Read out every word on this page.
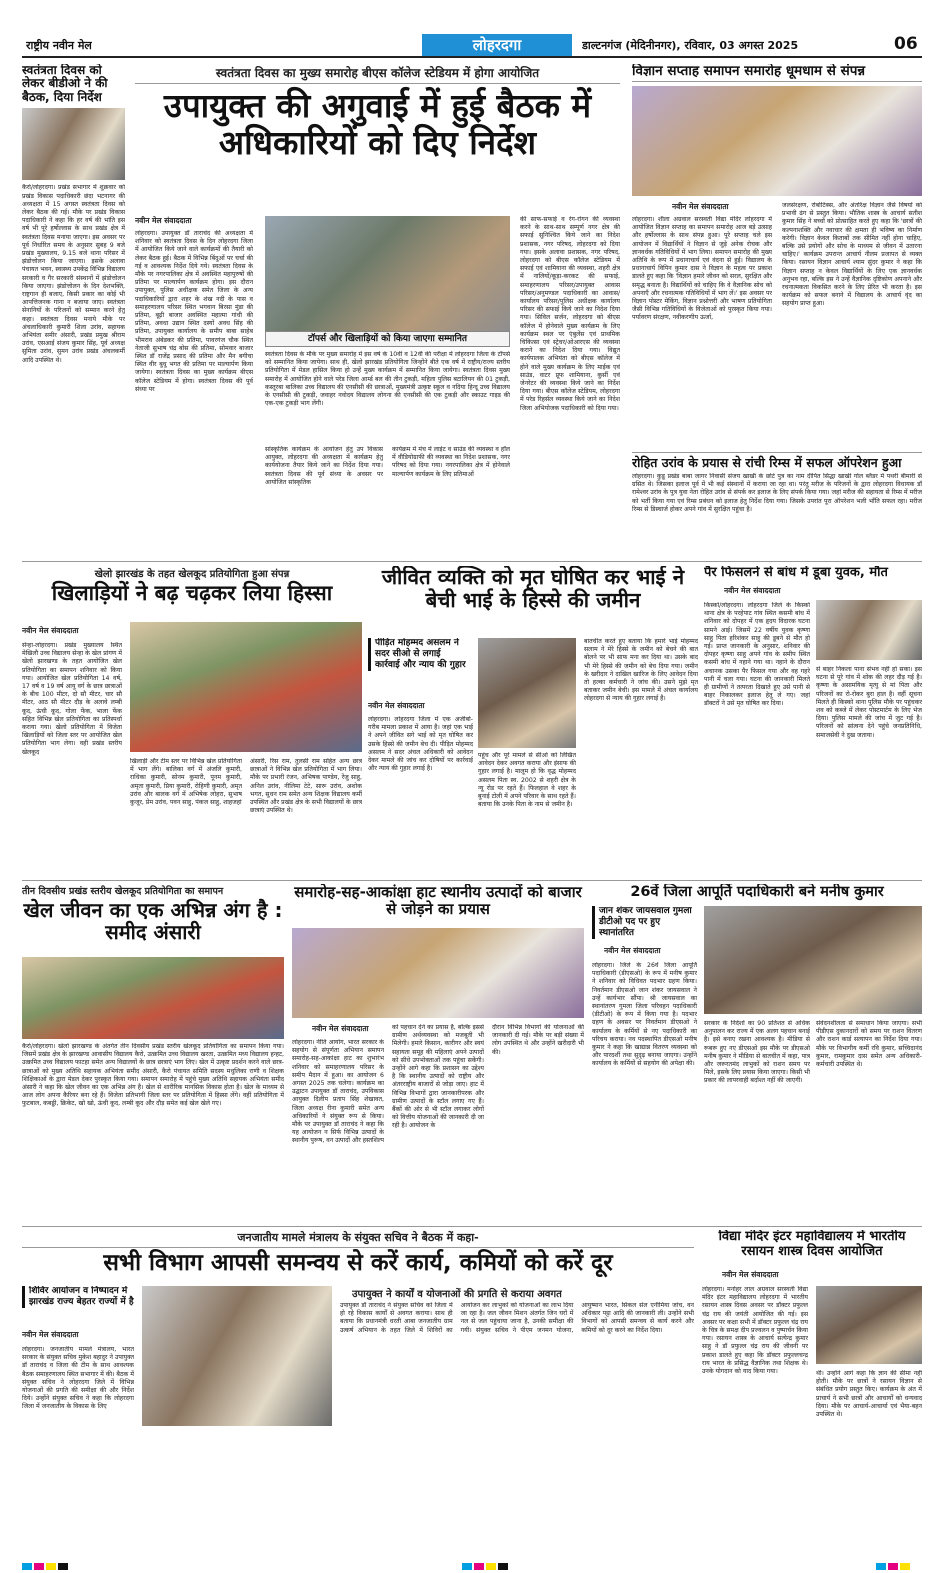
राष्ट्रीय नवीन मेल	लोहरदगा	डाल्टनगंज (मेदिनीनगर), रविवार, 03 अगस्त 2025	06
स्वतंत्रता दिवस को लेकर बीडीओ ने की बैठक, दिया निर्देश
कैरो/लोहरदगा। प्रखंड सभागार में शुक्रवार को प्रखंड विकास पदाधिकारी छंदा भटनागर की अध्यक्षता में 15 अगस्त स्वतंत्रता दिवस को लेकर बैठक की गई। मौके पर प्रखंड विकास पदाधिकारी ने कहा कि हर वर्ष की भांति इस वर्ष भी पूरे हर्षोल्लास के साथ प्रखंड क्षेत्र में स्वतंत्रता दिवस मनाया जाएगा। इस अवसर पर पूर्व निर्धारित समय के अनुसार सुबह 9 बजे प्रखंड मुख्यालय, 9.15 बजे थाना परिसर में झंडोत्तोलन किया जाएगा। इसके अलावा पंचायत भवन, स्वास्थ्य उपकेंद्र विभिन्न विद्यालय सरकारी व गैर सरकारी संस्थानों में झंडोत्तोलन किया जाएगा। झंडोत्तोलन के दिन देशभक्ति, राष्ट्रगान ही बजाए, किसी प्रकार का कोई भी आपत्तिजनक गाना न बजाया जाए। स्वतंत्रता सेनानियों के परिजनों को सम्मान करने हेतु कहा। स्वतंत्रता दिवस मनाये मौके पर अंचलाधिकारी कुमारी शिला उरांव, सहायक अभियंता समीर अंसारी, प्रखंड प्रमुख श्रीराम उरांव, एसआई संजय कुमार सिंह, पूर्व अध्यक्ष सुमिता उरांव, सुमन उरांव प्रखंड अंचलकर्मी आदि उपस्थित थे।
स्वतंत्रता दिवस का मुख्य समारोह बीएस कॉलेज स्टेडियम में होगा आयोजित
उपायुक्त की अगुवाई में हुई बैठक में अधिकारियों को दिए निर्देश
नवीन मेल संवाददाता
लोहरदगा। उपायुक्त डॉ ताराचंद की अध्यक्षता में शनिवार को स्वतंत्रता दिवस के दिन लोहरदगा जिला में आयोजित किये जाने वाले कार्यक्रमों की तैयारी को लेकर बैठक हुई। बैठक में विभिन्न बिंदुओं पर चर्चा की गई व आवश्यक निर्देश दिये गये। स्वतंत्रता दिवस के मौके पर नगरपालिका क्षेत्र में अवस्थित महापुरुषों की प्रतिमा पर माल्यार्पण कार्यक्रम होगा। इस दौरान उपायुक्त, पुलिस अधीक्षक समेत जिला के अन्य पदाधिकारियों द्वारा शहर के शंख नदी के पास व समाहरणालय परिसर स्थित भगवान बिरसा मुंडा की प्रतिमा, बूढ़ी बाजार अवस्थित महात्मा गांधी की प्रतिमा, अवधा उद्यान स्थित दस्यों अवध सिंह की प्रतिमा, उपायुक्त कार्यालय के समीप बाबा साहेब भीमराव अंबेडकर की प्रतिमा, पावरगंज चौक स्थित नेताजी सुभाष चंद्र बोस की प्रतिमा, सोमवार बाजार स्थित डॉ राजेंद्र प्रसाद की प्रतिमा और मैन बगीचा स्थित वीर बुधु भगत की प्रतिमा पर माल्यार्पण किया जायेगा। स्वतंत्रता दिवस का मुख्य कार्यक्रम बीएस कॉलेज स्टेडियम में होगा। स्वतंत्रता दिवस की पूर्व संध्या पर
टॉपर्स और खिलाड़ियों को किया जाएगा सम्मानित
स्वतंत्रता दिवस के मौके पर मुख्य समारोह में इस वर्ष के 10वीं व 12वीं की परीक्षा में लोहरदगा जिला के टॉपर्स को सम्मानित किया जायेगा। साथ ही, खेलो झारखंड प्रतियोगिता जिन्होंने बीते एक वर्ष में राष्ट्रीय/राज्य स्तरीय प्रतियोगिता में मेडल हासिल किया हो उन्हें मुख्य कार्यक्रम में सम्मानित किया जायेगा। स्वतंत्रता दिवस मुख्य समारोह में आयोजित होने वाले परेड जिला आर्म्ड बल की तीन टुकड़ी, महिला पुलिस बटालियन की 01 टुकड़ी, कस्तूरबा बालिका उच्च विद्यालय की एनसीसी की छात्राओं, मुख्यमंत्री उत्कृष्ट स्कूल व नदिया हिन्दू उच्च विद्यालय के एनसीसी की टुकड़ी, जवाहर नवोदय विद्यालय लोगना की एनसीसी की एक टुकड़ी और स्काउट गाइड की एक-एक टुकड़ी भाग लेंगी।
सांस्कृतिक कार्यक्रम के आयोजन हेतु उप विकास आयुक्त, लोहरदगा की अध्यक्षता में कार्यक्रम हेतु कार्ययोजना तैयार किये जाने का निर्देश दिया गया। स्वतंत्रता दिवस की पूर्व संध्या के अवसर पर आयोजित सांस्कृतिक
कार्यक्रम में मंच में लाईट व साउंड की व्यवस्था व हॉल में वीडियोग्राफी की व्यवस्था का निदेश प्रशासक, नगर परिषद को दिया गया। नगरपालिका क्षेत्र में होनेवाले माल्यार्पण कार्यक्रम के लिए प्रतिमाओं
की साफ-सफाई व रंग-रोगन की व्यवस्था करने के साथ-साथ सम्पूर्ण नगर क्षेत्र की सफाई सुनिश्चित किये जाने का निदेश प्रशासक, नगर परिषद, लोहरदगा को दिया गया। इसके अलावा प्रशासक, नगर परिषद, लोहरदगा को बीएस कॉलेज स्टेडियम में सफाई एवं शामियाना की व्यवस्था, शहरी क्षेत्र में नालियों/कूड़ा-करकट की सफाई, समाहरणालय परिसर/उपायुक्त आवास परिसर/अनुमण्डल पदाधिकारी का आवास/कार्यालय परिसर/पुलिस अधीक्षक कार्यालय परिसर की सफाई किये जाने का निदेश दिया गया। सिविल सर्जन, लोहरदगा को बीएस कॉलेज में होनेवाले मुख्य कार्यक्रम के लिए कार्यक्रम स्थल पर एंबुलेंस एवं प्राथमिक चिकित्सा एवं स्ट्रेचर/ओआरएस की व्यवस्था कराने का निदेश दिया गया। विद्युत कार्यपालक अभियंता को बीएस कॉलेज में होने वाले मुख्य कार्यक्रम के लिए माईक एवं साउंड, वाटर प्रूफ शामियाना, कुर्सी एवं जेनरेटर की व्यवस्था किये जाने का निर्देश दिया गया। बीएस कॉलेज स्टेडियम, लोहरदगा में परेड रिहर्सल व्यवस्था किये जाने का निदेश जिला अभियोजक पदाधिकारी को दिया गया।
विज्ञान सप्ताह समापन समारोह धूमधाम से संपन्न
नवीन मेल संवाददाता
लोहरदगा। शीला अग्रवाल सरस्वती विद्या मंदिर लोहरदगा में आयोजित विज्ञान सप्ताह का समापन समारोह आज बड़े उत्साह और हर्षोल्लास के साथ संपन्न हुआ। पूरे सप्ताह चले इस आयोजन में विद्यार्थियों ने विज्ञान से जुड़े अनेक रोचक और ज्ञानवर्धक गतिविधियों में भाग लिया। समापन समारोह की मुख्य अतिथि के रूप में प्रधानाचार्य एवं वंदना से हुई। विद्यालय के प्रधानाचार्य विपिन कुमार दास ने विज्ञान के महत्व पर प्रकाश डालते हुए कहा कि 'विज्ञान हमारे जीवन को सरल, सुरक्षित और समृद्ध बनाता है। विद्यार्थियों को चाहिए कि वे वैज्ञानिक सोच को अपनाएँ और रचनात्मक गतिविधियों में भाग लें।' इस अवसर पर विज्ञान पोस्टर मेकिंग, विज्ञान प्रश्नोत्तरी और भाषण प्रतियोगिता जैसी विभिन्न गतिविधियों के विजेताओं को पुरस्कृत किया गया। पर्यावरण संरक्षण, नवीकरणीय ऊर्जा,
जलसंरक्षण, रोबोटिक्स, और अंतरिक्ष विज्ञान जैसे विषयों को प्रभावी ढंग से प्रस्तुत किया। भौतिक शास्त्र के आचार्य सतीश कुमार सिंह ने बच्चों को प्रोत्साहित करते हुए कहा कि 'छात्रों की कल्पनाशक्ति और नवाचार की क्षमता ही भविष्य का निर्माण करेगी। विज्ञान केवल किताबों तक सीमित नहीं होना चाहिए, बल्कि उसे प्रयोगों और सोच के माध्यम से जीवन में उतारना चाहिए।' कार्यक्रम उपरान्त आचार्य नीलम प्रजापत से व्यक्त किया। रसायन विज्ञान आचार्य श्याम सुंदर कुमार ने कहा कि विज्ञान सप्ताह न केवल विद्यार्थियों के लिए एक ज्ञानवर्धक अनुभव रहा, बल्कि इस ने उन्हें वैज्ञानिक दृष्टिकोण अपनाने और रचनात्मकता विकसित करने के लिए प्रेरित भी करता है। इस कार्यक्रम को सफल बनाने में विद्यालय के आचार्य वृंद का सहयोग प्राप्त हुआ।
रोहित उरांव के प्रयास से रांची रिम्स में सफल ऑपरेशन हुआ
लोहरदगा। कुडू प्रखंड बाबा जागर निवासी संजय खाखी के छोटे पुत्र का नाम दीपित सिद्धा खाखी गोल ब्लैडर में पथरी बीमारी से ग्रसित थे। जिसका इलाज पूर्व में भी कई संस्थानों में कराया जा रहा था। परंतु मरीज के परिजनों के द्वारा लोहरदगा विधायक डॉ रामेश्वर उरांव के पुत्र युवा नेता रोहित उरांव से संपर्क कर इलाज के लिए संपर्क किया गया। जहां मरीज की सहायता से रिम्स में मरीज को भर्ती किया गया एवं रिम्स प्रबंधन को इलाज हेतु निर्देश दिया गया। जिसके उपरांत पूरा ऑपरेशन भली भाँति सफल रहा। मरीज रिम्स से डिस्चार्ज होकर अपने गांव में सुरक्षित पहुंचा है।
खेलो झारखंड के तहत खेलकूद प्रतियोगिता हुआ संपन्न
खिलाड़ियों ने बढ़ चढ़कर लिया हिस्सा
नवीन मेल संवाददाता
सेन्हा-लोहरदगा। प्रखंड मुख्यालय स्थित मेखिलौ उच्च विद्यालय सेन्हा के खेल प्रांगण में खेलो झारखण्ड के तहत आयोजित खेल प्रतियोगिता का समापन शनिवार को किया गया। आयोजित खेल प्रतियोगिता 14 वर्ष, 17 वर्ष व 19 वर्ष आयु वर्ग के छात्र छात्राओं के बीच 100 मीटर, दो सौ मीटर, चार सौ मीटर, आठ सौ मीटर दौड़ के अलावे लम्बी कूद, ऊंची कूद, गोला फेंक, भाला फेंक सहित विभिन्न खेल प्रतियोगिता का प्रतिस्पर्धा कराया गया। खेलो प्रतियोगिता में विजेता खिलाड़ियों को जिला स्तर पर आयोजित खेल प्रतियोगिता भाग लेगा। वही प्रखंड स्तरीय खेलकूद
खिलाड़ी और टीम स्तर पर विभिन्न खेल प्रतियोगिता में भाग लेंगे। बालिका वर्ग में अंजलि कुमारी, राधिका कुमारी, सोनम कुमारी, पूनम कुमारी, अमृता कुमारी, प्रिया कुमारी, रोहिणी कुमारी, अमृत उरांव और बालक वर्ग में अभिषेक लोहरा, सुभाष कुजूर, प्रेम उरांव, पवन साहु, पंकज साहु, शाहजहां
अंसारी, रिंस राम, तुलसी राम सहित अन्य छात्र छात्राओं ने विभिन्न खेल प्रतियोगिता में भाग लिया। मौके पर प्रभारी रंजन, अभिषक पाण्डेय, रेंजु साहु, अनिल उरांव, नीलिमा टेटे, सारू उरांव, अशोक भगत, सुधन राम समेत अन्य शिक्षक विद्यालय कर्मी उपस्थित और प्रखंड क्षेत्र के सभी विद्यालयों के छात्र छात्राएं उपस्थित थे।
जीवित व्यक्ति को मृत घोषित कर भाई ने बेची भाई के हिस्से की जमीन
पीड़ित मोहम्मद असलम ने सदर सीओ से लगाई कार्रवाई और न्याय की गुहार
नवीन मेल संवाददाता
लोहरदगा। लोहरदगा जिला में एक अजीबो-गरीब मामला प्रकाश में आया है। जहां एक भाई ने अपने जीवित सगे भाई को मृत घोषित कर उसके हिस्से की जमीन बेच दी। पीड़ित मोहम्मद असलम ने सदर अंचल अधिकारी को आवेदन देकर मामले की जांच कर दोषियों पर कार्रवाई और न्याय की गुहार लगाई है।
पहुंच और पूरे मामले से सीओ को लिखित आवेदन देकर अवगत कराया और इंसाफ की गुहार लगाई है। मालूम हो कि वृद्ध मोहम्मद असलम पिता स्व. 2002 से शहरी क्षेत्र के न्यू रोड पर रहते हैं। फिलहाल वे शहर के बुनाई टोली में अपने परिवार के साथ रहते हैं। बताया कि उनके पिता के नाम से जमीन है।
बातचीत करते हुए बताया कि हमारे भाई मोहम्मद सलाम ने मेरे हिस्से के जमीन को बेचने की बात बोलने पर भी साफ मना कर दिया था। उसके बाद भी मेरे हिस्से की जमीन को बेच दिया गया। जमीन के खरीदार ने दाखिल खारिज के लिए आवेदन दिया तो हल्का कर्मचारी ने जांच की। उसने मुझे मृत बताकर जमीन बेची। इस मामले में अंचल कार्यालय लोहरदगा से न्याय की गुहार लगाई है।
पैर फिसलने से बांध में डूबा युवक, मौत
नवीन मेल संवाददाता
किस्को/लोहरदगा। लोहरदगा जिले के किस्को थाना क्षेत्र के परहेपाट गांव स्थित कसमी बांध में शनिवार को दोपहर में एक हृदय विदारक घटना सामने आई। जिसमें 22 वर्षीय युवक कृष्णा साहु पिता हरिशंकर साहु की डूबने से मौत हो गई। प्राप्त जानकारी के अनुसार, शनिवार की दोपहर कृष्णा साहु अपने गांव के समीप स्थित कसमी बांध में नहाने गया था। नहाने के दौरान अचानक उसका पैर फिसल गया और वह गहरे पानी में चला गया। घटना की जानकारी मिलते ही ग्रामीणों ने तत्परता दिखाते हुए उसे पानी से बाहर निकालकर इलाज हेतु ले गए। जहां डॉक्टरों ने उसे मृत घोषित कर दिया।
से बाहर निकला पाना संभव नहीं हो सका। इस घटना से पूरे गांव में शोक की लहर दौड़ गई है। कृष्णा के असामयिक मृत्यु से मां पिता और परिजनों का रो-रोकर बुरा हाल है। वहीं सूचना मिलते ही किस्को थाना पुलिस मौके पर पहुंचकर शव को कब्जे में लेकर पोस्टमार्टम के लिए भेज दिया। पुलिस मामले की जांच में जुट गई है। परिजनों को सांत्वना देने पहुंचे जनप्रतिनिधि, समाजसेवी ने दुख जताया।
तीन दिवसीय प्रखंड स्तरीय खेलकूद प्रतियोगिता का समापन
खेल जीवन का एक अभिन्न अंग है : समीद अंसारी
कैरो/लोहरदगा। खेलो झारखण्ड के अंतर्गत तीन दिवसीय प्रखंड स्तरीय खेलकूद प्रतियोगिता का समापन किया गया। जिसमें प्रखंड क्षेत्र के झारखण्ड आवासीय विद्यालय कैरो, उत्क्रमित उच्च विद्यालय खरता, उत्क्रमित मध्य विद्यालय हन्हट, उत्क्रमित उच्च विद्यालय फाटहा समेत अन्य विद्यालयों के छात्र छात्राएं भाग लिए। खेल में उत्कृष्ट प्रदर्शन करने वाले छात्र-छात्राओं को मुख्य अतिथि सहायक अभियंता समीद अंसारी, कैरो पंचायत समिति सदस्य मधुलिका राणी व शिक्षक शिक्षिकाओं के द्वारा मेडल देकर पुरस्कृत किया गया। समापन समारोह में पहुंचे मुख्य अतिथि सहायक अभियंता समीद अंसारी ने कहा कि खेल जीवन का एक अभिन्न अंग है। खेल से शारीरिक मानसिक विकास होता है। खेल के माध्यम से आज लोग अपना कैरियर बना रहे हैं। विजेता प्रतिभागी जिला स्तर पर प्रतियोगिता में हिस्सा लेंगे। वहीं प्रतियोगिता में फुटबाल, कबड्डी, क्रिकेट, खो खो, ऊंची कूद, लम्बी कूद और दौड़ समेत कई खेल खेले गए।
समारोह-सह-आकांक्षा हाट स्थानीय उत्पादों को बाजार से जोड़ने का प्रयास
नवीन मेल संवाददाता
लोहरदगा। नीति आयोग, भारत सरकार के सहयोग से संपूर्णता अभियान समापन समारोह-सह-आकांक्षा हाट का शुभारंभ शनिवार को समाहरणालय परिसर के समीप मैदान में हुआ। का आयोजन 6 अगस्त 2025 तक चलेगा। कार्यक्रम का उद्घाटन उपायुक्त डॉ ताराचंद, उपविकास आयुक्त दिलीप प्रताप सिंह शेखावत, जिला अध्यक्ष रीना कुमारी समेत अन्य अधिकारियों ने संयुक्त रूप से किया। मौके पर उपायुक्त डॉ ताराचंद ने कहा कि यह आयोजन न सिर्फ विभिन्न उत्पादों के स्थानीय पुरूष, वन उत्पादों और हस्तशिल्प
को पहचान देने का प्रयास है, बल्कि इससे ग्रामीण अर्थव्यवस्था को मजबूती भी मिलेगी। हमारे किसान, कारीगर और स्वयं सहायता समूह की महिलाएं अपने उत्पादों को सीधे उपभोक्ताओं तक पहुंचा सकेंगी। उन्होंने आगे कहा कि प्रशासन का उद्देश्य है कि स्थानीय उत्पादों को राष्ट्रीय और अंतरराष्ट्रीय बाजारों से जोड़ा जाए। हाट में विभिन्न विभागों द्वारा जानकारीपरक और ग्रामीण उत्पादों के स्टॉल लगाए गए हैं। बैंकों की ओर से भी स्टॉल लगाकर लोगों को वित्तीय योजनाओं की जानकारी दी जा रही है। आयोजन के
दौरान विभिन्न विभागों की योजनाओं की जानकारी दी गई। मौके पर बड़ी संख्या में लोग उपस्थित थे और उन्होंने खरीदारी भी की।
26वें जिला आपूर्ति पदाधिकारी बने मनीष कुमार
जान शंकर जायसवाल गुमला डीटीओ पद पर हुए स्थानांतरित
नवीन मेल संवाददाता
लोहरदगा। जिले के 26वें जिला आपूर्ति पदाधिकारी (डीएसओ) के रूप में मनीष कुमार ने शनिवार को विधिवत पदभार ग्रहण किया। निवर्तमान डीएसओ जान शंकर जायसवाल ने उन्हें कार्यभार सौंपा। श्री जायसवाल का स्थानांतरण गुमला जिला परिवहन पदाधिकारी (डीटीओ) के रूप में किया गया है। पदभार ग्रहण के अवसर पर निवर्तमान डीएसओ ने कार्यालय के कर्मियों से नए पदाधिकारी का परिचय कराया। नव पदस्थापित डीएसओ मनीष कुमार ने कहा कि खाद्यान्न वितरण व्यवस्था को और पारदर्शी तथा सुदृढ़ बनाया जाएगा। उन्होंने कार्यालय के कर्मियों से सहयोग की अपेक्षा की।
सरकार के निर्देशों का 90 प्रतिशत से अधिक अनुपालन कर राज्य में एक अलग पहचान बनाई है। इसे बनाए रखना आवश्यक है। मीडिया से रूबरू हुए नए डीएसओ इस मौके पर डीएसओ मनीष कुमार ने मीडिया से बातचीत में कहा, पात्र और जरूरतमंद लाभुकों को राशन समय पर मिले, इसके लिए प्रयास किया जाएगा। किसी भी प्रकार की लापरवाही बर्दाश्त नहीं की जाएगी।
संवेदनशीलता से समाधान किया जाएगा। सभी पीडीएस दुकानदारों को समय पर राशन वितरण और राशन कार्ड सत्यापन का निर्देश दिया गया। मौके पर विभागीय कर्मी रवि कुमार, सच्चिदानंद कुमार, रामकुमार दास समेत अन्य अधिकारी-कर्मचारी उपस्थित थे।
जनजातीय मामले मंत्रालय के संयुक्त सचिव ने बैठक में कहा-
सभी विभाग आपसी समन्वय से करें कार्य, कमियों को करें दूर
शिविर आयोजन व निष्पादन में झारखंड राज्य बेहतर राज्यों में है
नवीन मेल संवाददाता
लोहरदगा। जनजातीय मामले मंत्रालय, भारत सरकार के संयुक्त सचिव मुकेश बहादुर ने उपायुक्त डॉ ताराचंद व जिला की टीम के साथ आवश्यक बैठक समाहरणालय स्थित सभागार में की। बैठक में संयुक्त सचिव ने लोहरदगा जिले में विभिन्न योजनाओं की प्रगति की समीक्षा की और निर्देश दिये। उन्होंने संयुक्त सचिव ने कहा कि लोहरदगा जिला में जनजातीय के विकास के लिए
उपायुक्त ने कार्यों व योजनाओं की प्रगति से कराया अवगत
उपायुक्त डॉ ताराचंद ने संयुक्त सचिव को जिला में हो रहे विकास कार्यों से अवगत कराया। साथ ही बताया कि प्रधानमंत्री धरती आबा जनजातीय ग्राम उत्कर्ष अभियान के तहत जिले में शिविरों का आयोजन कर लाभुकों को योजनाओं का लाभ दिया जा रहा है। जल जीवन मिशन अंतर्गत जिन घरों में नल से जल पहुंचाया जाना है, उनकी समीक्षा की गयी। संयुक्त सचिव ने पीएम जनमन योजना, आयुष्मान भारत, सिकल सेल एनीमिया जांच, वन अधिकार पट्टा आदि की जानकारी ली। उन्होंने सभी विभागों को आपसी समन्वय से कार्य करने और कमियों को दूर करने का निर्देश दिया।
विद्या मंदिर इंटर महाविद्यालय में भारतीय रसायन शास्त्र दिवस आयोजित
नवीन मेल संवाददाता
लोहरदगा। मनोहर लाल अग्रवाल सरस्वती विद्या मंदिर इंटर महाविद्यालय लोहरदगा में भारतीय रसायन शास्त्र दिवस अवसर पर डॉक्टर प्रफुल्ल चंद्र राय की जयंती आयोजित की गई। इस अवसर पर कक्षा सभी में डॉक्टर प्रफुल्ल चंद्र राय के चित्र के समक्ष दीप प्रज्वलन व पुष्पार्चन किया गया। रसायन शास्त्र के आचार्य सत्येन्द्र कुमार साहु ने डॉ प्रफुल्ल चंद्र राय की जीवनी पर प्रकाश डालते हुए कहा कि डॉक्टर प्रफुल्लचन्द्र राय भारत के प्रसिद्ध वैज्ञानिक तथा शिक्षक थे। उनके योगदान को याद किया गया।	थी। उन्होंने आगे कहा कि ज्ञान की सीमा नहीं होती। मौके पर छात्रों ने रसायन विज्ञान से संबंधित प्रयोग प्रस्तुत किए। कार्यक्रम के अंत में प्राचार्य ने सभी छात्रों और आचार्यों को धन्यवाद दिया। मौके पर आचार्य-आचार्या एवं भैया-बहन उपस्थित थे।
